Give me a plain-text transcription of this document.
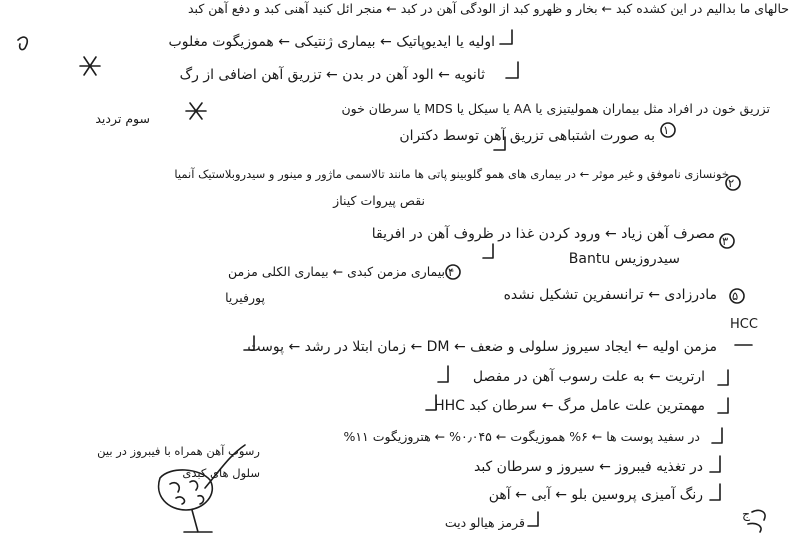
حالهای ما بدالیم در این کشده کبد ← بخار و ظهرو کبد از الودگی آهن در کبد ← منجر ائل کنید آهنی کبد و دفع آهن کبد
اولیه یا ایدیوپاتیک ← بیماری ژنتیکی ← هموزیگوت مغلوب
ثانویه ← الود آهن در بدن ← تزریق آهن اضافی از رگ
تزریق خون در افراد مثل بیماران همولیتیزی یا AA یا سیکل یا MDS یا سرطان خون
سوم تردید
به صورت اشتباهی تزریق آهن توسط دکتران
خونسازی ناموفق و غیر موثر ← در بیماری های همو گلوبینو پاتی ها مانند تالاسمی ماژور و مینور و سیدروبلاستیک آنمیا
نقص پیروات کیناز
مصرف آهن زیاد ← ورود کردن غذا در ظروف آهن در افریقا
Bantu سیدروزیس
بیماری مزمن کبدی ← بیماری الکلی مزمن
پورفیریا	مادرزادی ← ترانسفرین تشکیل نشده
HCC
مزمن اولیه ← ایجاد سیروز سلولی و ضعف ← DM ← زمان ابتلا در رشد ← پوست
ارتریت ← به علت رسوب آهن در مفصل
مهمترین علت عامل مرگ ← سرطان کبد HHC
در سفید پوست ها ← ۶% هموزیگوت ← ۰٫۰۴۵% ← هتروزیگوت ۱۱%
در تغذیه فیبروز ← سیروز و سرطان کبد
رنگ آمیزی پروسین بلو ← آبی ← آهن
قرمز هیالو دیت
رسوب آهن همراه با فیبروز در بین سلول های کبدی
۱
۲
۳
۴
۵
ج
